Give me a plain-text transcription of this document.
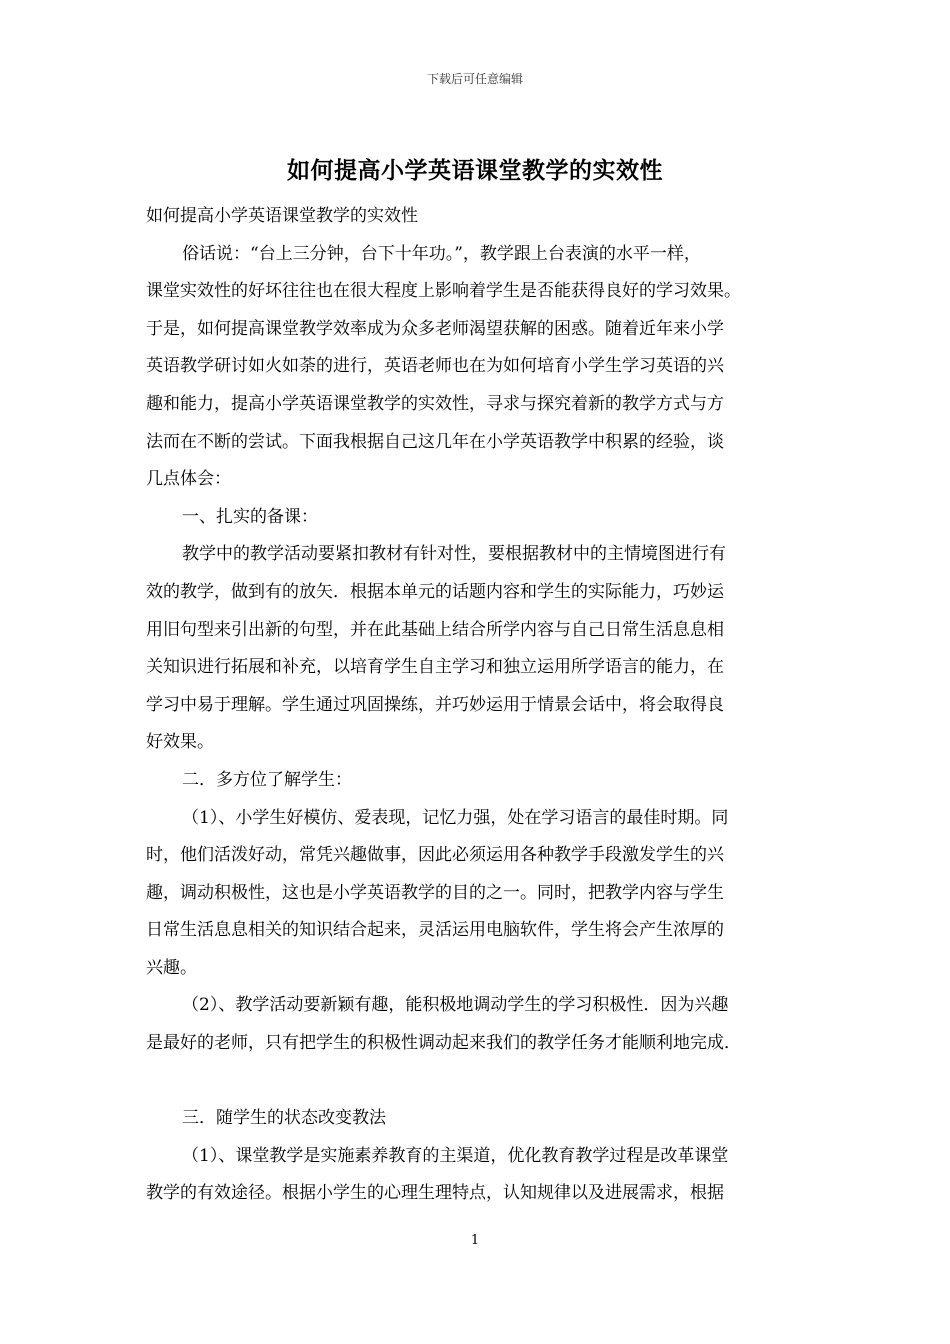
下载后可任意编辑
如何提高小学英语课堂教学的实效性
如何提高小学英语课堂教学的实效性
俗话说：“台上三分钟，台下十年功。”，教学跟上台表演的水平一样，
课堂实效性的好坏往往也在很大程度上影响着学生是否能获得良好的学习效果。
于是，如何提高课堂教学效率成为众多老师渴望获解的困惑。随着近年来小学
英语教学研讨如火如荼的进行，英语老师也在为如何培育小学生学习英语的兴
趣和能力，提高小学英语课堂教学的实效性，寻求与探究着新的教学方式与方
法而在不断的尝试。下面我根据自己这几年在小学英语教学中积累的经验，谈
几点体会：
一、扎实的备课：
教学中的教学活动要紧扣教材有针对性，要根据教材中的主情境图进行有
效的教学，做到有的放矢．根据本单元的话题内容和学生的实际能力，巧妙运
用旧句型来引出新的句型，并在此基础上结合所学内容与自己日常生活息息相
关知识进行拓展和补充，以培育学生自主学习和独立运用所学语言的能力，在
学习中易于理解。学生通过巩固操练，并巧妙运用于情景会话中，将会取得良
好效果。
二．多方位了解学生：
（1）、小学生好模仿、爱表现，记忆力强，处在学习语言的最佳时期。同
时，他们活泼好动，常凭兴趣做事，因此必须运用各种教学手段激发学生的兴
趣，调动积极性，这也是小学英语教学的目的之一。同时，把教学内容与学生
日常生活息息相关的知识结合起来，灵活运用电脑软件，学生将会产生浓厚的
兴趣。
（2）、教学活动要新颖有趣，能积极地调动学生的学习积极性．因为兴趣
是最好的老师，只有把学生的积极性调动起来我们的教学任务才能顺利地完成．
三．随学生的状态改变教法
（1）、课堂教学是实施素养教育的主渠道，优化教育教学过程是改革课堂
教学的有效途径。根据小学生的心理生理特点，认知规律以及进展需求，根据
1
